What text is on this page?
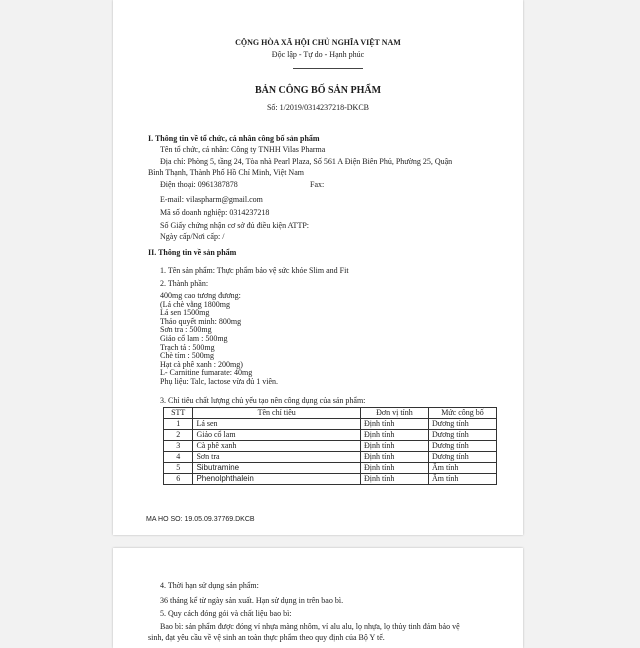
CỘNG HÒA XÃ HỘI CHỦ NGHĨA VIỆT NAM
Độc lập - Tự do - Hạnh phúc
BẢN CÔNG BỐ SẢN PHẨM
Số: 1/2019/0314237218-DKCB
I. Thông tin về tổ chức, cá nhân công bố sản phẩm
Tên tổ chức, cá nhân: Công ty TNHH Vilas Pharma
Địa chỉ: Phòng 5, tầng 24, Tòa nhà Pearl Plaza, Số 561 A Điện Biên Phủ, Phường 25, Quận
Bình Thạnh, Thành Phố Hồ Chí Minh, Việt Nam
Điện thoại: 0961387878	Fax:
E-mail: vilaspharm@gmail.com
Mã số doanh nghiệp: 0314237218
Số Giấy chứng nhận cơ sở đủ điều kiện ATTP:
Ngày cấp/Nơi cấp: /
II. Thông tin về sản phẩm
1. Tên sản phẩm: Thực phẩm bảo vệ sức khỏe Slim and Fit
2. Thành phần:
400mg cao tương đương:
(Lá chè vằng 1800mg
Lá sen 1500mg
Thảo quyết minh: 800mg
Sơn tra : 500mg
Giảo cổ lam : 500mg
Trạch tả : 500mg
Chè tím : 500mg
Hạt cà phê xanh : 200mg)
L- Carnitine fumarate: 40mg
Phụ liệu: Talc, lactose vừa đủ 1 viên.
3. Chỉ tiêu chất lượng chủ yếu tạo nên công dụng của sản phẩm:
STT	Tên chỉ tiêu	Đơn vị tính	Mức công bố
1	Lá sen	Định tính	Dương tính
2	Giảo cổ lam	Định tính	Dương tính
3	Cà phê xanh	Định tính	Dương tính
4	Sơn tra	Định tính	Dương tính
5	Sibutramine	Định tính	Âm tính
6	Phenolphthalein	Định tính	Âm tính
MA HO SO: 19.05.09.37769.DKCB
4. Thời hạn sử dụng sản phẩm:
36 tháng kể từ ngày sản xuất. Hạn sử dụng in trên bao bì.
5. Quy cách đóng gói và chất liệu bao bì:
Bao bì: sản phẩm được đóng vỉ nhựa màng nhôm, vỉ alu alu, lọ nhựa, lọ thủy tinh đảm bảo vệ
sinh, đạt yêu cầu về vệ sinh an toàn thực phẩm theo quy định của Bộ Y tế.
